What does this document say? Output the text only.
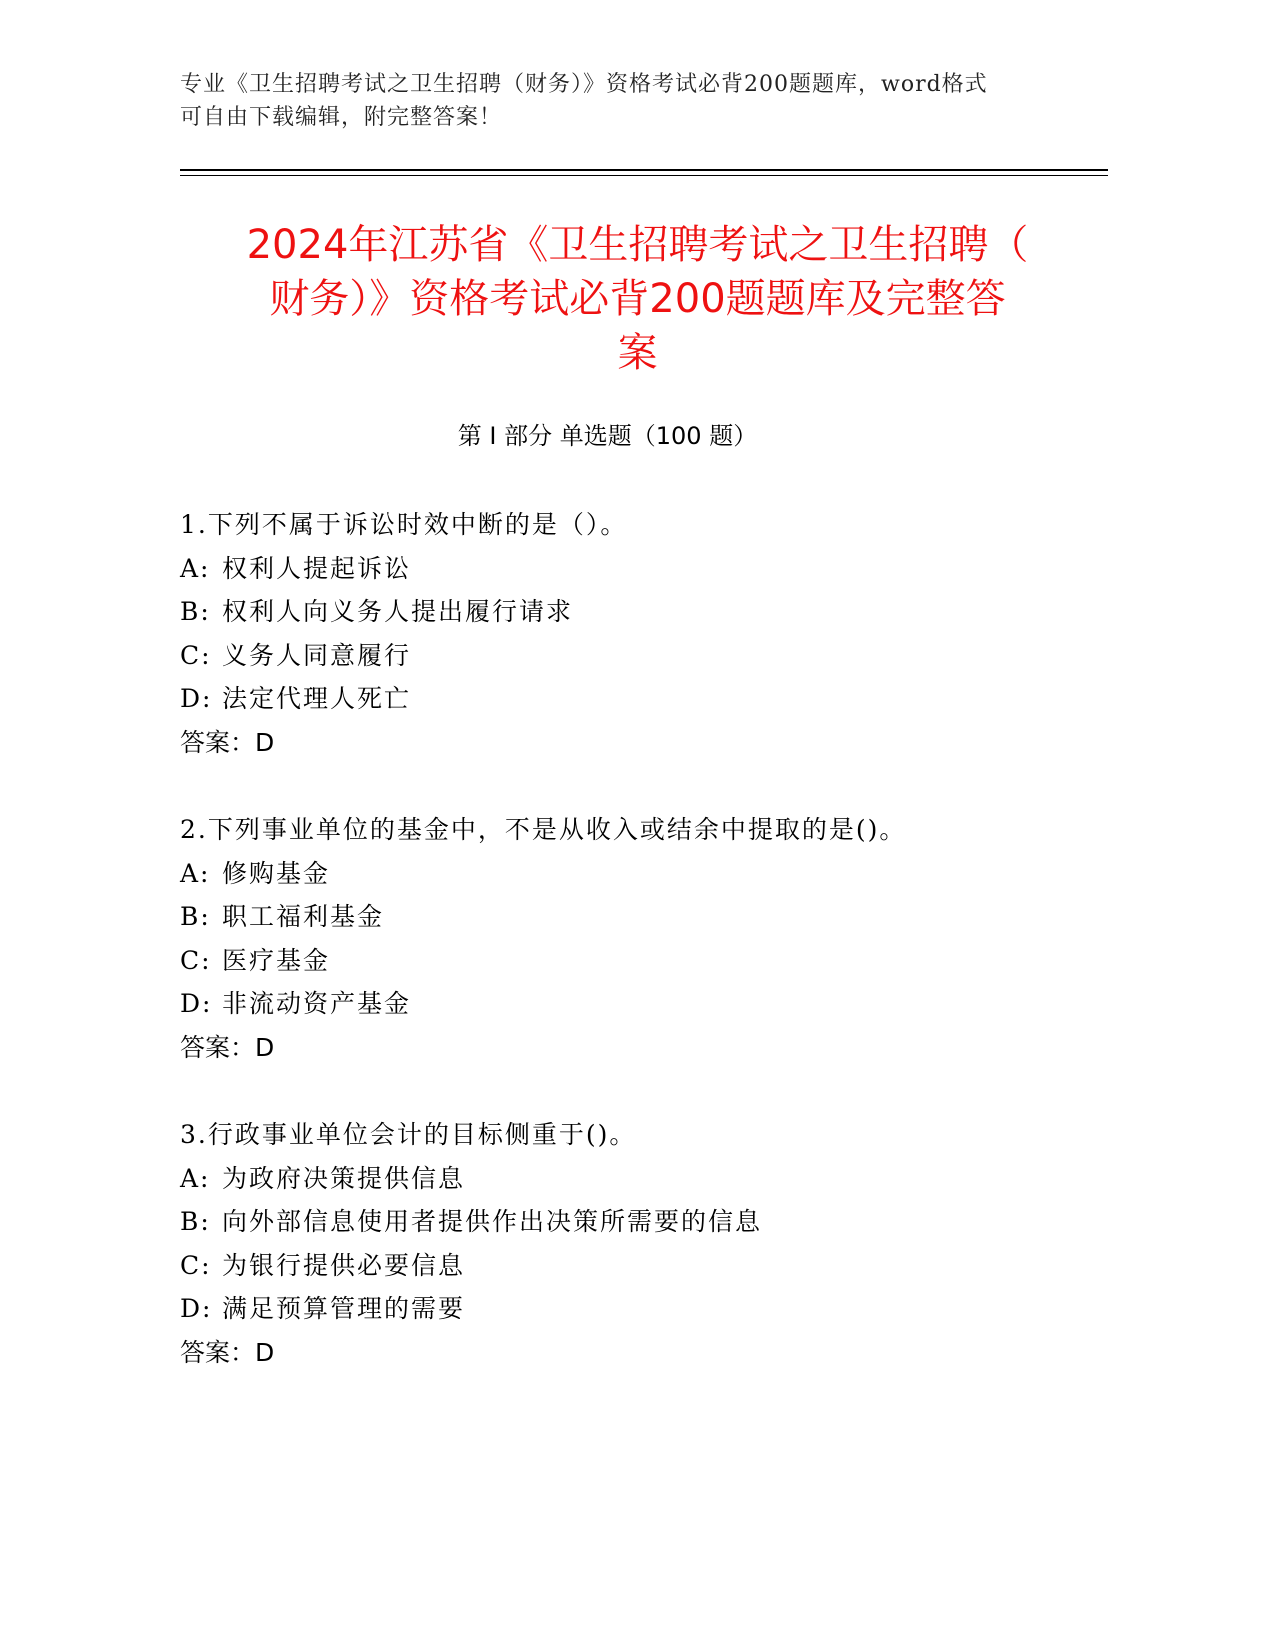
专业《卫生招聘考试之卫生招聘（财务）》资格考试必背200题题库，word格式
可自由下载编辑，附完整答案！
2024年江苏省《卫生招聘考试之卫生招聘（
财务）》资格考试必背200题题库及完整答
案
第 I 部分 单选题（100 题）
1.下列不属于诉讼时效中断的是（）。
A: 权利人提起诉讼
B: 权利人向义务人提出履行请求
C: 义务人同意履行
D: 法定代理人死亡
答案：D
2.下列事业单位的基金中，不是从收入或结余中提取的是()。
A: 修购基金
B: 职工福利基金
C: 医疗基金
D: 非流动资产基金
答案：D
3.行政事业单位会计的目标侧重于()。
A: 为政府决策提供信息
B: 向外部信息使用者提供作出决策所需要的信息
C: 为银行提供必要信息
D: 满足预算管理的需要
答案：D
